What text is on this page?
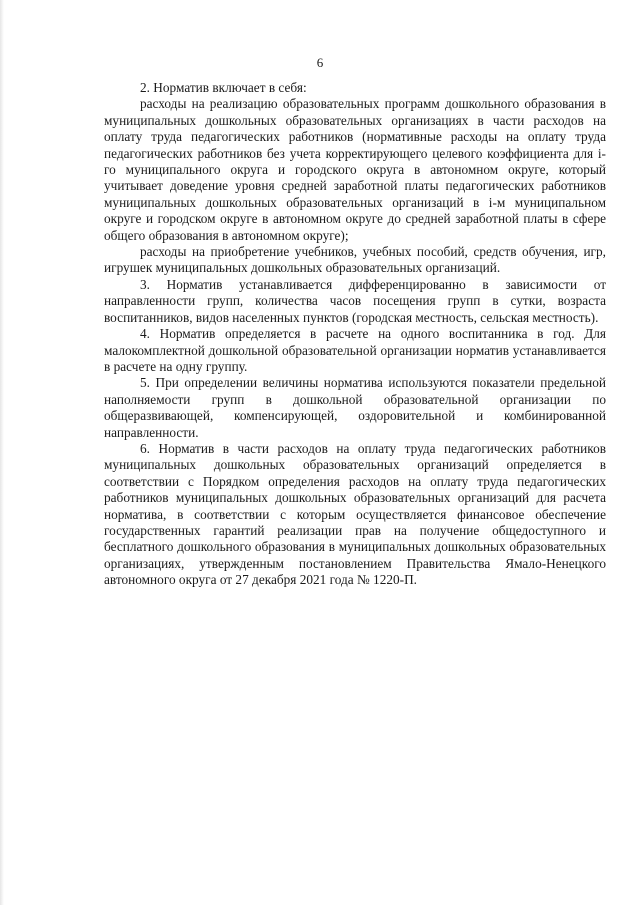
6

2. Норматив включает в себя:

расходы на реализацию образовательных программ дошкольного образования в муниципальных дошкольных образовательных организациях в части расходов на оплату труда педагогических работников (нормативные расходы на оплату труда педагогических работников без учета корректирующего целевого коэффициента для i-го муниципального округа и городского округа в автономном округе, который учитывает доведение уровня средней заработной платы педагогических работников муниципальных дошкольных образовательных организаций в i-м муниципальном округе и городском округе в автономном округе до средней заработной платы в сфере общего образования в автономном округе);

расходы на приобретение учебников, учебных пособий, средств обучения, игр, игрушек муниципальных дошкольных образовательных организаций.

3. Норматив устанавливается дифференцированно в зависимости от направленности групп, количества часов посещения групп в сутки, возраста воспитанников, видов населенных пунктов (городская местность, сельская местность).

4. Норматив определяется в расчете на одного воспитанника в год. Для малокомплектной дошкольной образовательной организации норматив устанавливается в расчете на одну группу.

5. При определении величины норматива используются показатели предельной наполняемости групп в дошкольной образовательной организации по общеразвивающей, компенсирующей, оздоровительной и комбинированной направленности.

6. Норматив в части расходов на оплату труда педагогических работников муниципальных дошкольных образовательных организаций определяется в соответствии с Порядком определения расходов на оплату труда педагогических работников муниципальных дошкольных образовательных организаций для расчета норматива, в соответствии с которым осуществляется финансовое обеспечение государственных гарантий реализации прав на получение общедоступного и бесплатного дошкольного образования в муниципальных дошкольных образовательных организациях, утвержденным постановлением Правительства Ямало-Ненецкого автономного округа от 27 декабря 2021 года № 1220-П.
